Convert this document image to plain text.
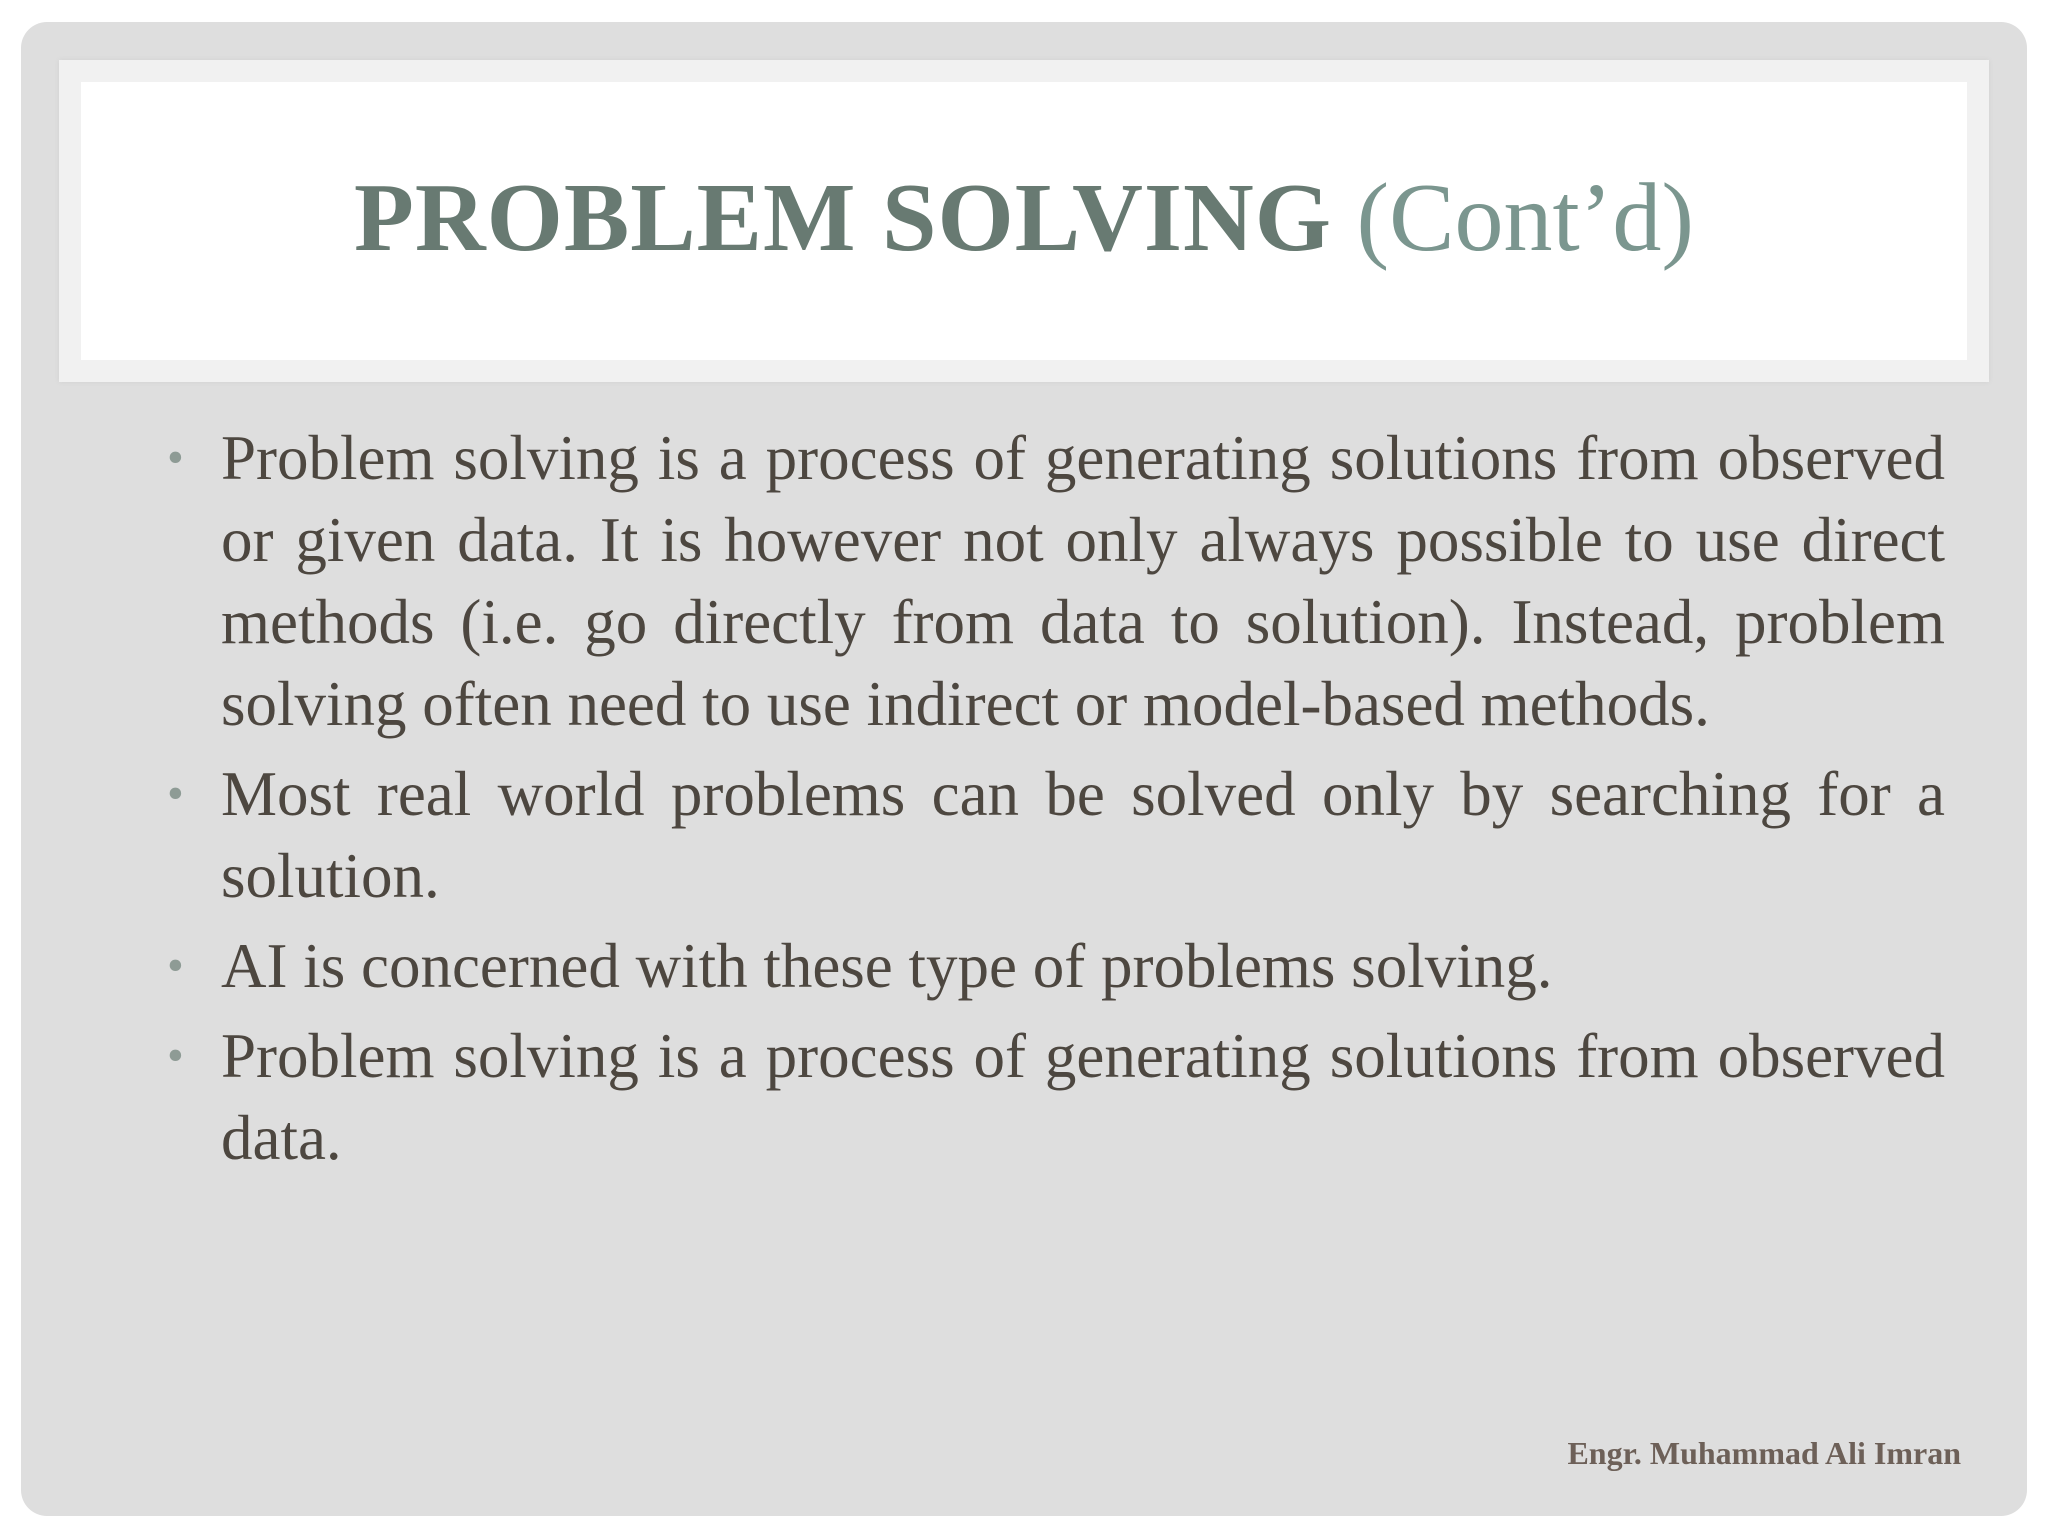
PROBLEM SOLVING (Cont’d)
• Problem solving is a process of generating solutions from observed or given data. It is however not only always possible to use direct methods (i.e. go directly from data to solution). Instead, problem solving often need to use indirect or model-based methods.
• Most real world problems can be solved only by searching for a solution.
• AI is concerned with these type of problems solving.
• Problem solving is a process of generating solutions from observed data.
Engr. Muhammad Ali Imran
